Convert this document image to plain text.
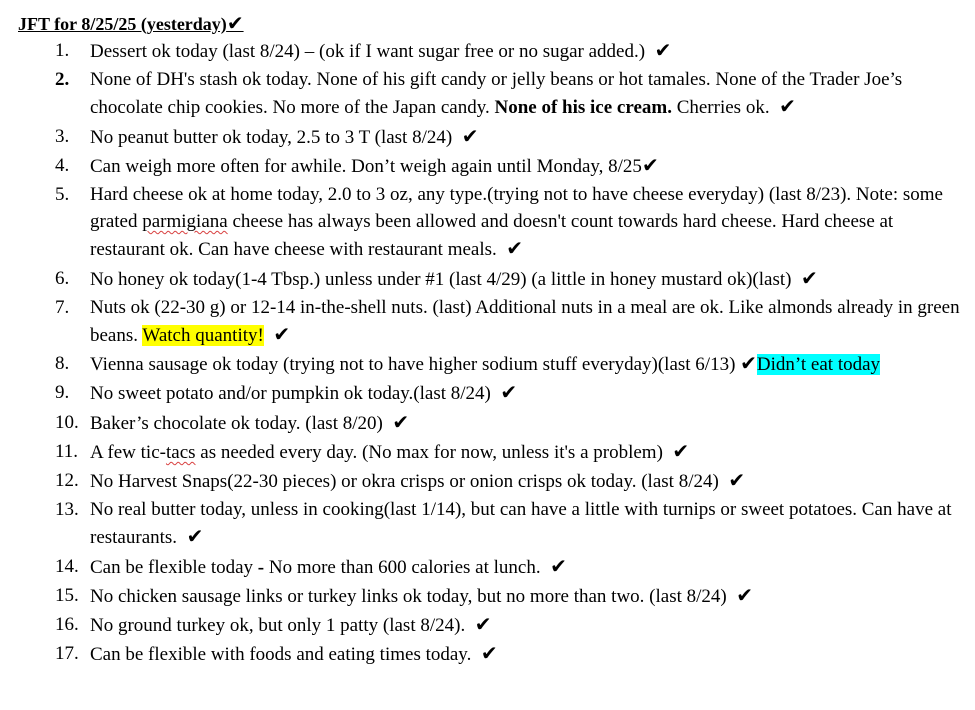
JFT for 8/25/25 (yesterday)✔
1. Dessert ok today (last 8/24) – (ok if I want sugar free or no sugar added.) ✔
2. None of DH's stash ok today. None of his gift candy or jelly beans or hot tamales. None of the Trader Joe’s chocolate chip cookies. No more of the Japan candy. None of his ice cream. Cherries ok. ✔
3. No peanut butter ok today, 2.5 to 3 T (last 8/24) ✔
4. Can weigh more often for awhile. Don’t weigh again until Monday, 8/25✔
5. Hard cheese ok at home today, 2.0 to 3 oz, any type.(trying not to have cheese everyday) (last 8/23). Note: some grated parmigiana cheese has always been allowed and doesn't count towards hard cheese. Hard cheese at restaurant ok. Can have cheese with restaurant meals. ✔
6. No honey ok today(1-4 Tbsp.) unless under #1 (last 4/29) (a little in honey mustard ok)(last) ✔
7. Nuts ok (22-30 g) or 12-14 in-the-shell nuts. (last) Additional nuts in a meal are ok. Like almonds already in green beans. Watch quantity! ✔
8. Vienna sausage ok today (trying not to have higher sodium stuff everyday)(last 6/13) ✔Didn’t eat today
9. No sweet potato and/or pumpkin ok today.(last 8/24) ✔
10. Baker’s chocolate ok today. (last 8/20) ✔
11. A few tic-tacs as needed every day. (No max for now, unless it's a problem) ✔
12. No Harvest Snaps(22-30 pieces) or okra crisps or onion crisps ok today. (last 8/24) ✔
13. No real butter today, unless in cooking(last 1/14), but can have a little with turnips or sweet potatoes. Can have at restaurants. ✔
14. Can be flexible today - No more than 600 calories at lunch. ✔
15. No chicken sausage links or turkey links ok today, but no more than two. (last 8/24) ✔
16. No ground turkey ok, but only 1 patty (last 8/24). ✔
17. Can be flexible with foods and eating times today. ✔
